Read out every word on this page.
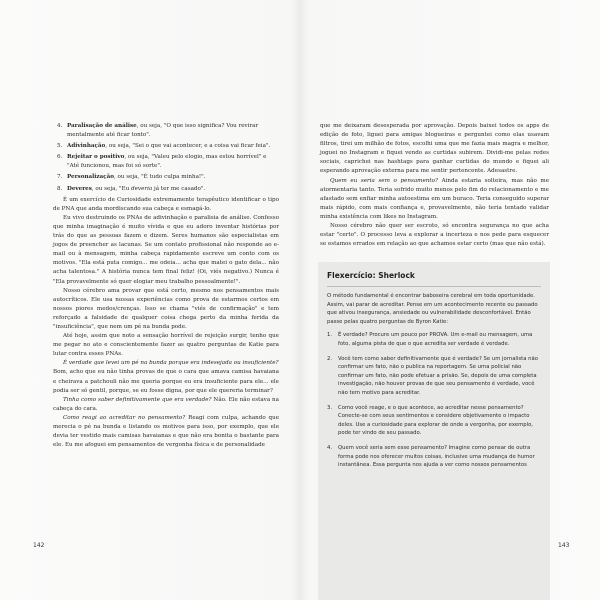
4. Paralisação de análise, ou seja, "O que isso significa? Vou revirar mentalmente até ficar tonto".
5. Adivinhação, ou seja, "Sei o que vai acontecer, e a coisa vai ficar feia".
6. Rejeitar o positivo, ou seja, "Valeu pelo elogio, mas estou horrível" e "Até funcionou, mas foi só sorte".
7. Personalização, ou seja, "É tudo culpa minha!".
8. Deveres, ou seja, "Eu deveria já ter me casado".

É um exercício de Curiosidade extremamente terapêutico identificar o tipo de PNA que anda mordiscando sua cabeça e esmagá-lo.

Eu vivo destruindo os PNAs de adivinhação e paralisia de análise. Confesso que minha imaginação é muito vívida e que eu adoro inventar histórias por trás do que as pessoas fazem e dizem. Seres humanos são especialistas em jogos de preencher as lacunas. Se um contato profissional não responde ao e-mail ou à mensagem, minha cabeça rapidamente escreve um conto com os motivos. "Ela está puta comigo... me odeia... acha que matei o gato dela... não acha talentosa." A história nunca tem final feliz! (Oi, viés negativo.) Nunca é "Ela provavelmente só quer elogiar meu trabalho pessoalmente!".

Nosso cérebro ama provar que está certo, mesmo nos pensamentos mais autocríticos. Ele usa nossas experiências como prova de estarmos certos em nossos piores medos/crenças. Isso se chama "viés de confirmação" e tem reforçado a falsidade de qualquer coisa chega perto da minha ferida da "insuficiência", que nem um pé na bunda pode.

Até hoje, assim que noto a sensação horrível de rejeição surgir, tenho que me pegar no ato e conscientemente fazer as quatro perguntas de Katie para lutar contra esses PNAs.

É verdade que levei um pé na bunda porque era indesejada ou insuficiente?

Bom, acho que eu não tinha provas de que o cara que amava camisa havaiana e cheirava a patchouli não me queria porque eu era insuficiente para ele... ele podia ser só gentil, porque, se eu fosse digna, por que ele quereria terminar?

Tinha como saber definitivamente que era verdade? Não. Ele não estava na cabeça do cara.

Como reagi ao acreditar no pensamento? Reagi com culpa, achando que merecia o pé na bunda e listando os motivos para isso, por exemplo, que ele devia ter vestido mais camisas havaianas e que não era bonita o bastante para ele. Eu me afoguei em pensamentos de vergonha física e de personalidade

142

que me deixaram desesperada por aprovação. Depois baixei todos os apps de edição de foto, liguei para amigas blogueiras e perguntei como elas usavam filtros, tirei um milhão de fotos, escolhi uma que me fazia mais magra e melhor, joguei no Instagram e fiquei vendo as curtidas subirem. Dividi-me pelas redes sociais, caprichei nas hashtags para ganhar curtidas do mundo e fiquei ali esperando aprovação externa para me sentir pertencente. Adesastre.

Quem eu seria sem o pensamento? Ainda estaria solteira, mas não me atormentaria tanto. Teria sofrido muito menos pelo fim do relacionamento e me afastado sem enfiar minha autoestima em um buraco. Teria conseguido superar mais rápido, com mais confiança e, provavelmente, não teria tentado validar minha existência com likes no Instagram.

Nosso cérebro não quer ser escroto, só encontra segurança no que acha estar "certo". O processo leva a explorar a incerteza e nos pede para esquecer se estamos errados em relação ao que achamos estar certo (mas que não está).

Flexercício: Sherlock

O método fundamental é encontrar baboseira cerebral em toda oportunidade. Assim, vai parar de acreditar. Pense em um acontecimento recente ou passado que ativou insegurança, ansiedade ou vulnerabilidade desconfortável. Então passe pelas quatro perguntas de Byron Katie:

1. É verdade? Procure um pouco por PROVA. Um e-mail ou mensagem, uma foto, alguma pista de que o que acredita ser verdade é verdade.
2. Você tem como saber definitivamente que é verdade? Se um jornalista não confirmar um fato, não o publica na reportagem. Se uma policial não confirmar um fato, não pode efetuar a prisão. Se, depois de uma completa investigação, não houver provas de que seu pensamento é verdade, você não tem motivo para acreditar.
3. Como você reage, e o que acontece, ao acreditar nesse pensamento? Conecte-se com seus sentimentos e considere objetivamente o impacto deles. Use a curiosidade para explorar de onde a vergonha, por exemplo, pode ter vindo de seu passado.
4. Quem você seria sem esse pensamento? Imagine como pensar de outra forma pode nos oferecer muitos coisas, inclusive uma mudança de humor instantânea. Essa pergunta nos ajuda a ver como nossos pensamentos
143
